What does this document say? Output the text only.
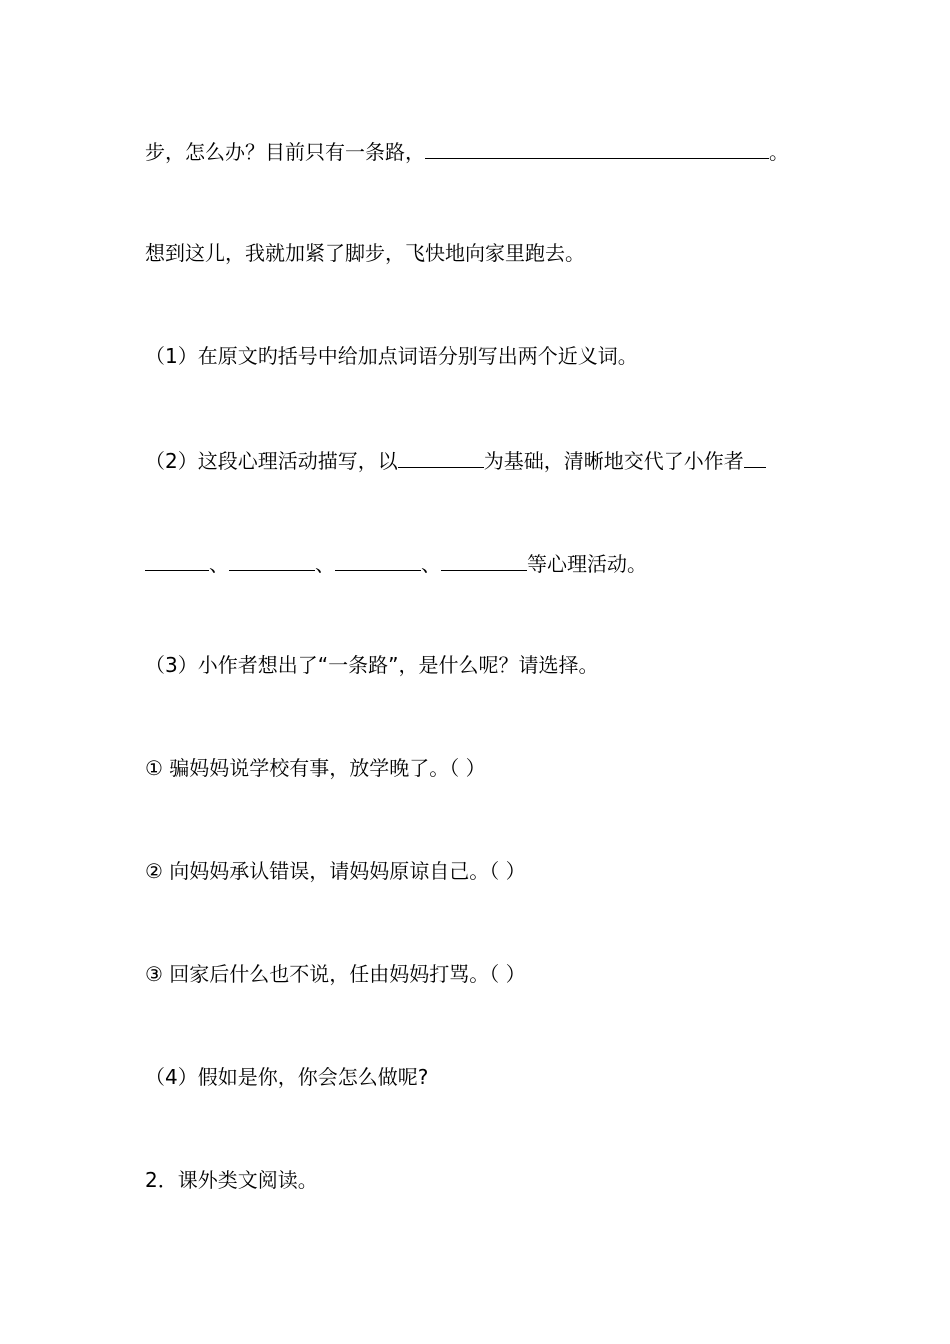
步，怎么办？目前只有一条路，	。
想到这儿，我就加紧了脚步，飞快地向家里跑去。
（1）在原文旳括号中给加点词语分别写出两个近义词。
（2）这段心理活动描写，以	为基础，清晰地交代了小作者
、	、	、	等心理活动。
（3）小作者想出了“一条路”，是什么呢？请选择。
① 骗妈妈说学校有事，放学晚了。（ ）
② 向妈妈承认错误，请妈妈原谅自己。（ ）
③ 回家后什么也不说，任由妈妈打骂。（ ）
（4）假如是你，你会怎么做呢?
2．课外类文阅读。
